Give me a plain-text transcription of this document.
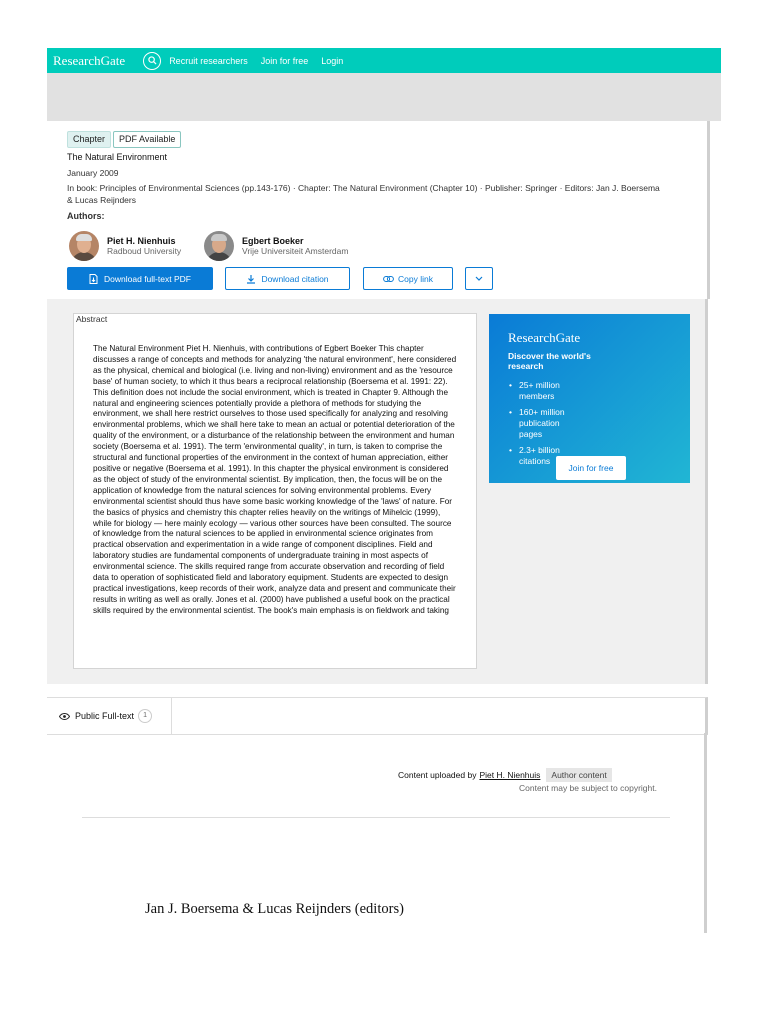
ResearchGate	Recruit researchers Join for free Login
Chapter	PDF Available
The Natural Environment
January 2009
In book: Principles of Environmental Sciences (pp.143-176) · Chapter: The Natural Environment (Chapter 10) · Publisher: Springer · Editors: Jan J. Boersema & Lucas Reijnders
Authors:
Piet H. Nienhuis
Radboud University
Egbert Boeker
Vrije Universiteit Amsterdam
Download full-text PDF	Download citation	Copy link
Abstract
The Natural Environment Piet H. Nienhuis, with contributions of Egbert Boeker This chapter discusses a range of concepts and methods for analyzing 'the natural environment', here considered as the physical, chemical and biological (i.e. living and non-living) environment and as the 'resource base' of human society, to which it thus bears a reciprocal relationship (Boersema et al. 1991: 22). This definition does not include the social environment, which is treated in Chapter 9. Although the natural and engineering sciences potentially provide a plethora of methods for studying the environment, we shall here restrict ourselves to those used specifically for analyzing and resolving environmental problems, which we shall here take to mean an actual or potential deterioration of the quality of the environment, or a disturbance of the relationship between the environment and human society (Boersema et al. 1991). The term 'environmental quality', in turn, is taken to comprise the structural and functional properties of the environment in the context of human appreciation, either positive or negative (Boersema et al. 1991). In this chapter the physical environment is considered as the object of study of the environmental scientist. By implication, then, the focus will be on the application of knowledge from the natural sciences for solving environmental problems. Every environmental scientist should thus have some basic working knowledge of the 'laws' of nature. For the basics of physics and chemistry this chapter relies heavily on the writings of Mihelcic (1999), while for biology — here mainly ecology — various other sources have been consulted. The source of knowledge from the natural sciences to be applied in environmental science originates from practical observation and experimentation in a wide range of component disciplines. Field and laboratory studies are fundamental components of undergraduate training in most aspects of environmental science. The skills required range from accurate observation and recording of field data to operation of sophisticated field and laboratory equipment. Students are expected to design practical investigations, keep records of their work, analyze data and present and communicate their results in writing as well as orally. Jones et al. (2000) have published a useful book on the practical skills required by the environmental scientist. The book's main emphasis is on fieldwork and taking
ResearchGate
Discover the world's research
• 25+ million members
• 160+ million publication pages
• 2.3+ billion citations
Join for free
Public Full-text	1
Content uploaded by Piet H. Nienhuis	Author content
Content may be subject to copyright.
Jan J. Boersema & Lucas Reijnders (editors)
